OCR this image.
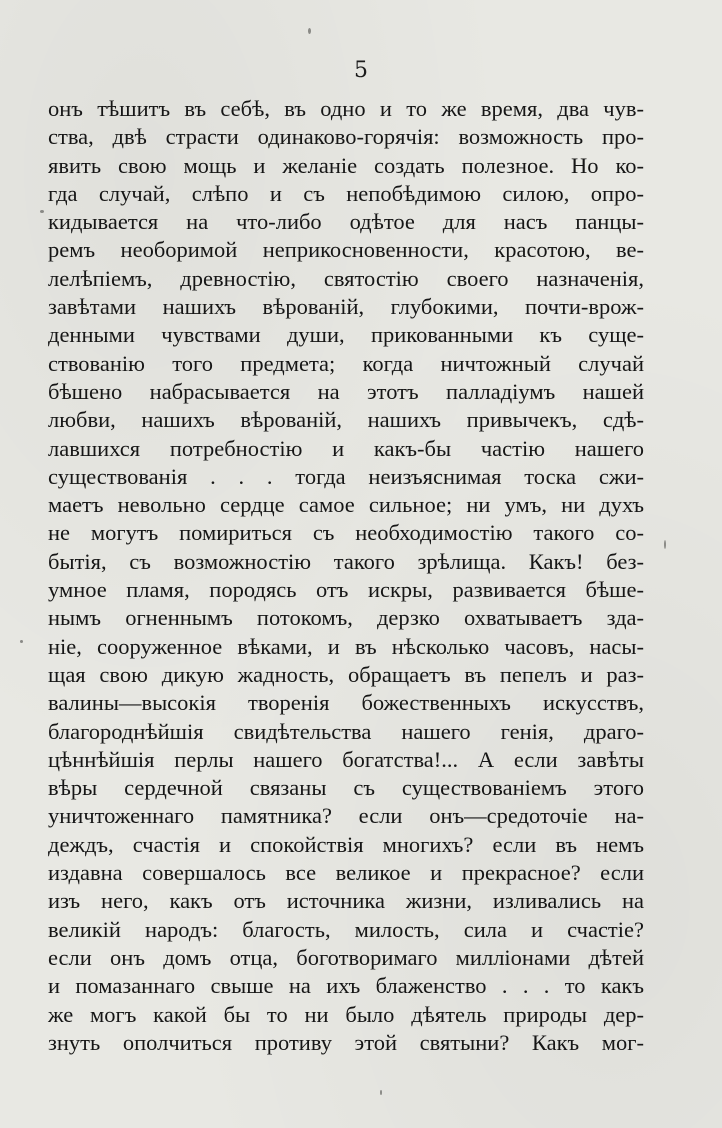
5
онъ тѣшитъ въ себѣ, въ одно и то же время, два чув-
ства, двѣ страсти одинаково-горячія: возможность про-
явить свою мощь и желаніе создать полезное. Но ко-
гда случай, слѣпо и съ непобѣдимою силою, опро-
кидывается на что-либо одѣтое для насъ панцы-
ремъ необоримой неприкосновенности, красотою, ве-
лелѣпіемъ, древностію, святостію своего назначенія,
завѣтами нашихъ вѣрованій, глубокими, почти-врож-
денными чувствами души, прикованными къ суще-
ствованію того предмета; когда ничтожный случай
бѣшено набрасывается на этотъ палладіумъ нашей
любви, нашихъ вѣрованій, нашихъ привычекъ, сдѣ-
лавшихся потребностію и какъ-бы частію нашего
существованія . . . тогда неизъяснимая тоска сжи-
маетъ невольно сердце самое сильное; ни умъ, ни духъ
не могутъ помириться съ необходимостію такого со-
бытія, съ возможностію такого зрѣлища. Какъ! без-
умное пламя, породясь отъ искры, развивается бѣше-
нымъ огненнымъ потокомъ, дерзко охватываетъ зда-
ніе, сооруженное вѣками, и въ нѣсколько часовъ, насы-
щая свою дикую жадность, обращаетъ въ пепелъ и раз-
валины—высокія творенія божественныхъ искусствъ,
благороднѣйшія свидѣтельства нашего генія, драго-
цѣннѣйшія перлы нашего богатства!... А если завѣты
вѣры сердечной связаны съ существованіемъ этого
уничтоженнаго памятника? если онъ—средоточіе на-
деждъ, счастія и спокойствія многихъ? если въ немъ
издавна совершалось все великое и прекрасное? если
изъ него, какъ отъ источника жизни, изливались на
великій народъ: благость, милость, сила и счастіе?
если онъ домъ отца, боготворимаго милліонами дѣтей
и помазаннаго свыше на ихъ блаженство . . . то какъ
же могъ какой бы то ни было дѣятель природы дер-
знуть ополчиться противу этой святыни? Какъ мог-
